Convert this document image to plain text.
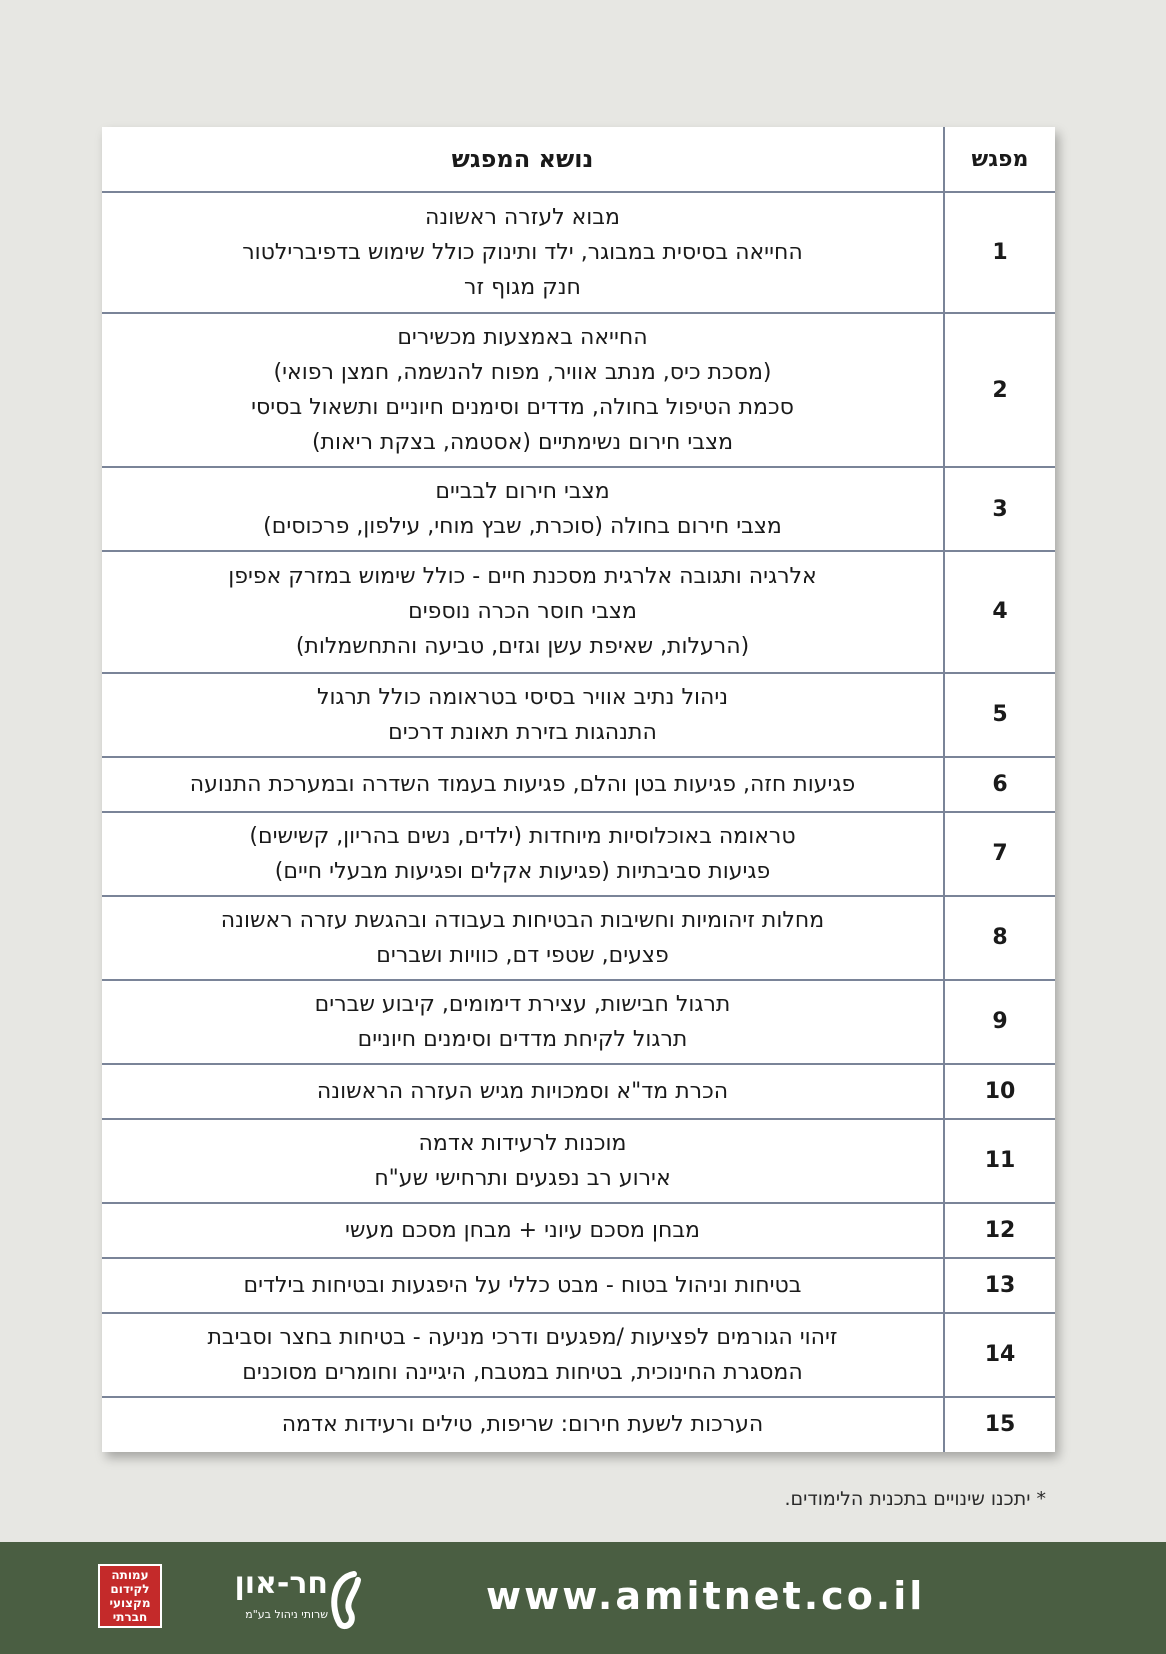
מפגש	נושא המפגש
1	מבוא לעזרה ראשונה
החייאה בסיסית במבוגר, ילד ותינוק כולל שימוש בדפיברילטור
חנק מגוף זר

2	החייאה באמצעות מכשירים
(מסכת כיס, מנתב אוויר, מפוח להנשמה, חמצן רפואי)
סכמת הטיפול בחולה, מדדים וסימנים חיוניים ותשאול בסיסי
מצבי חירום נשימתיים (אסטמה, בצקת ריאות)

3	מצבי חירום לבביים
מצבי חירום בחולה (סוכרת, שבץ מוחי, עילפון, פרכוסים)

4	אלרגיה ותגובה אלרגית מסכנת חיים - כולל שימוש במזרק אפיפן
מצבי חוסר הכרה נוספים
(הרעלות, שאיפת עשן וגזים, טביעה והתחשמלות)

5	ניהול נתיב אוויר בסיסי בטראומה כולל תרגול
התנהגות בזירת תאונת דרכים

6	פגיעות חזה, פגיעות בטן והלם, פגיעות בעמוד השדרה ובמערכת התנועה

7	טראומה באוכלוסיות מיוחדות (ילדים, נשים בהריון, קשישים)
פגיעות סביבתיות (פגיעות אקלים ופגיעות מבעלי חיים)

8	מחלות זיהומיות וחשיבות הבטיחות בעבודה ובהגשת עזרה ראשונה
פצעים, שטפי דם, כוויות ושברים

9	תרגול חבישות, עצירת דימומים, קיבוע שברים
תרגול לקיחת מדדים וסימנים חיוניים

10	הכרת מד"א וסמכויות מגיש העזרה הראשונה

11	מוכנות לרעידות אדמה
אירוע רב נפגעים ותרחישי שע"ח

12	מבחן מסכם עיוני + מבחן מסכם מעשי

13	בטיחות וניהול בטוח - מבט כללי על היפגעות ובטיחות בילדים

14	זיהוי הגורמים לפציעות /מפגעים ודרכי מניעה - בטיחות בחצר וסביבת
המסגרת החינוכית, בטיחות במטבח, היגיינה וחומרים מסוכנים

15	הערכות לשעת חירום: שריפות, טילים ורעידות אדמה
* יתכנו שינויים בתכנית הלימודים.
עמותה
לקידום
מקצועי
חברתי
חר-און
שרותי ניהול בע"מ	www.amitnet.co.il
